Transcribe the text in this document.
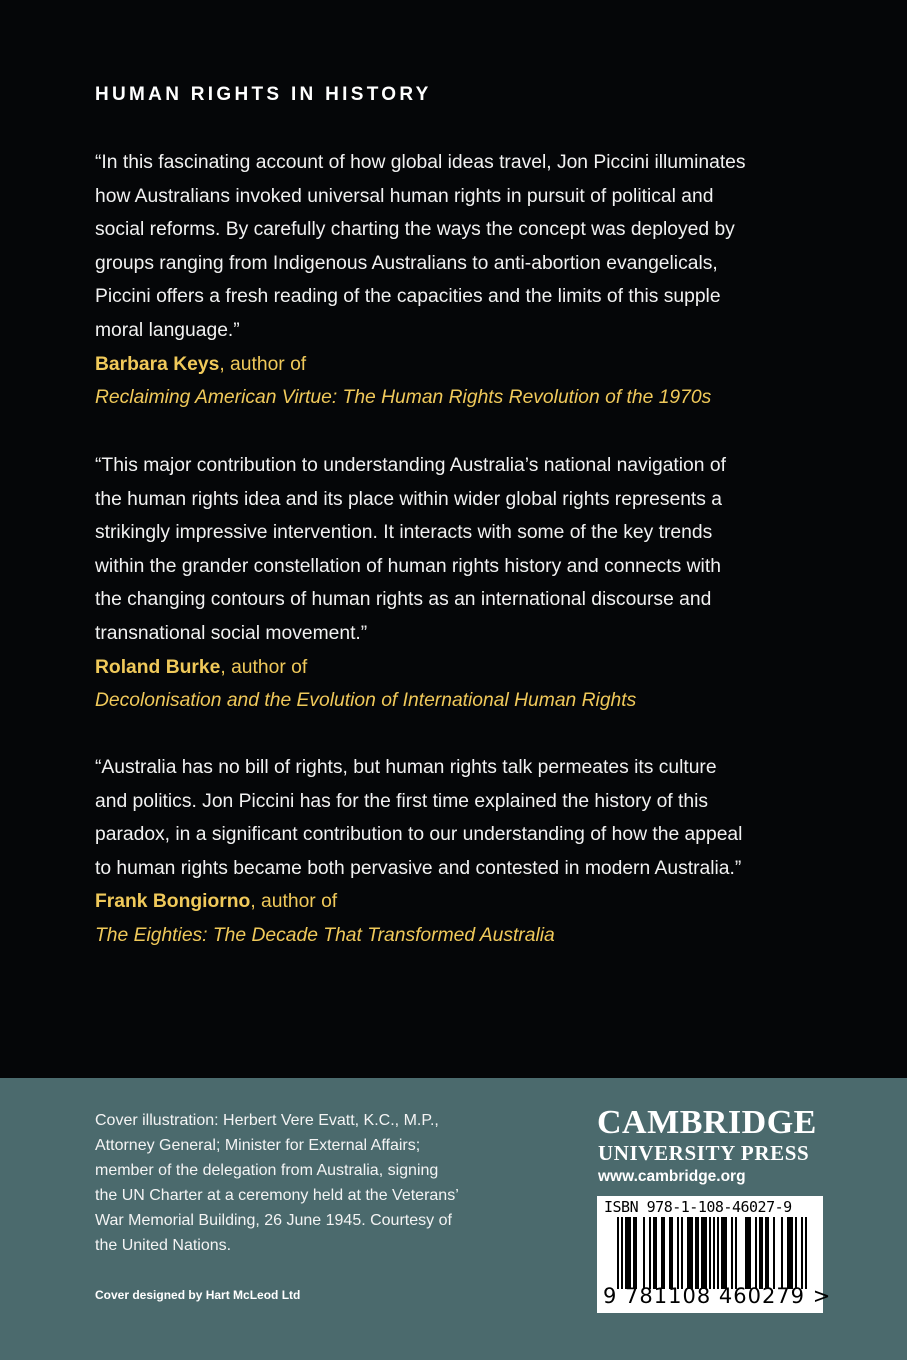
HUMAN RIGHTS IN HISTORY
“In this fascinating account of how global ideas travel, Jon Piccini illuminates
how Australians invoked universal human rights in pursuit of political and
social reforms. By carefully charting the ways the concept was deployed by
groups ranging from Indigenous Australians to anti-abortion evangelicals,
Piccini offers a fresh reading of the capacities and the limits of this supple
moral language.”
Barbara Keys, author of
Reclaiming American Virtue: The Human Rights Revolution of the 1970s
“This major contribution to understanding Australia’s national navigation of
the human rights idea and its place within wider global rights represents a
strikingly impressive intervention. It interacts with some of the key trends
within the grander constellation of human rights history and connects with
the changing contours of human rights as an international discourse and
transnational social movement.”
Roland Burke, author of
Decolonisation and the Evolution of International Human Rights
“Australia has no bill of rights, but human rights talk permeates its culture
and politics. Jon Piccini has for the first time explained the history of this
paradox, in a significant contribution to our understanding of how the appeal
to human rights became both pervasive and contested in modern Australia.”
Frank Bongiorno, author of
The Eighties: The Decade That Transformed Australia
Cover illustration: Herbert Vere Evatt, K.C., M.P.,
Attorney General; Minister for External Affairs;
member of the delegation from Australia, signing
the UN Charter at a ceremony held at the Veterans’
War Memorial Building, 26 June 1945. Courtesy of
the United Nations.
Cover designed by Hart McLeod Ltd
CAMBRIDGE
UNIVERSITY PRESS
www.cambridge.org
ISBN 978-1-108-46027-9
9 781108 460279 >
